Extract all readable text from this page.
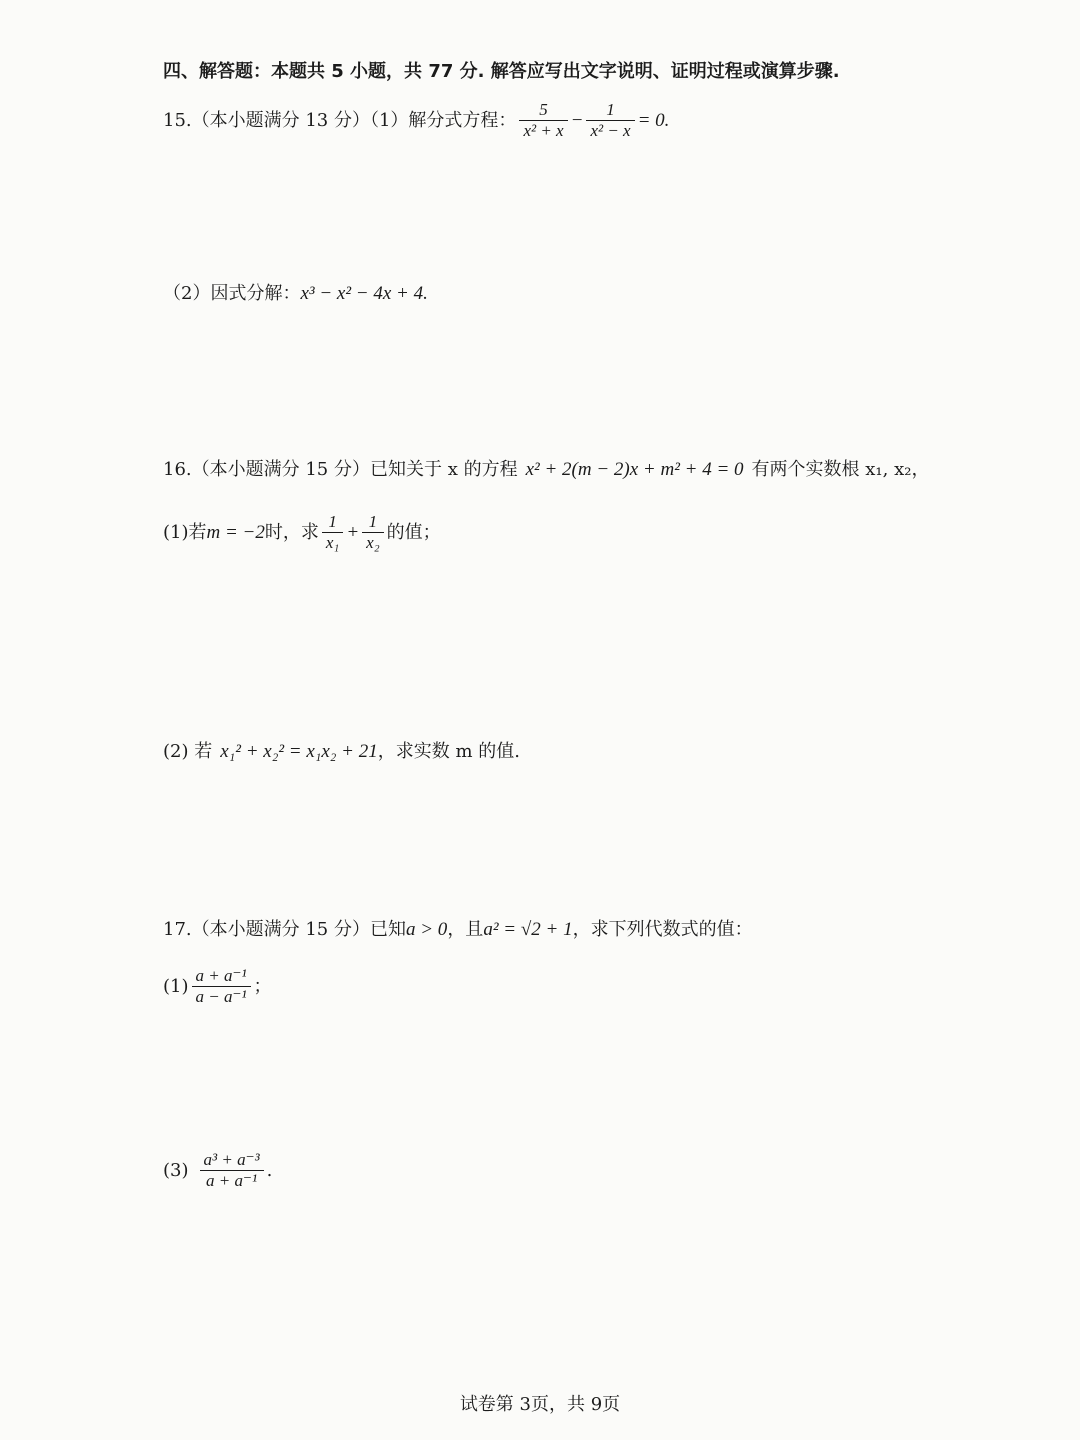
四、解答题：本题共 5 小题，共 77 分. 解答应写出文字说明、证明过程或演算步骤.
15.（本小题满分 13 分）（1）解分式方程： $\frac{5}{\text{x² + x}} - \frac{1}{\text{x² − x}} = 0$.
（2）因式分解： x³ − x² − 4x + 4.
16.（本小题满分 15 分）已知关于 x 的方程 x² + 2(m − 2)x + m² + 4 = 0 有两个实数根 x₁, x₂，
(1)若 m = −2 时，求 $\frac{1}{\text{x₁}} + \frac{1}{\text{x₂}}$ 的值；
(2) 若 x₁² + x₂² = x₁x₂ + 21 ，求实数 m 的值.
17.（本小题满分 15 分）已知 a > 0 ，且 a² = √2 + 1 ，求下列代数式的值：
$(1) \frac{\text{a + a⁻¹}}{\text{a − a⁻¹}}$ ；
$(3) \frac{\text{a³ + a⁻³}}{\text{a + a⁻¹}}$ .
试卷第 3页，共 9页
